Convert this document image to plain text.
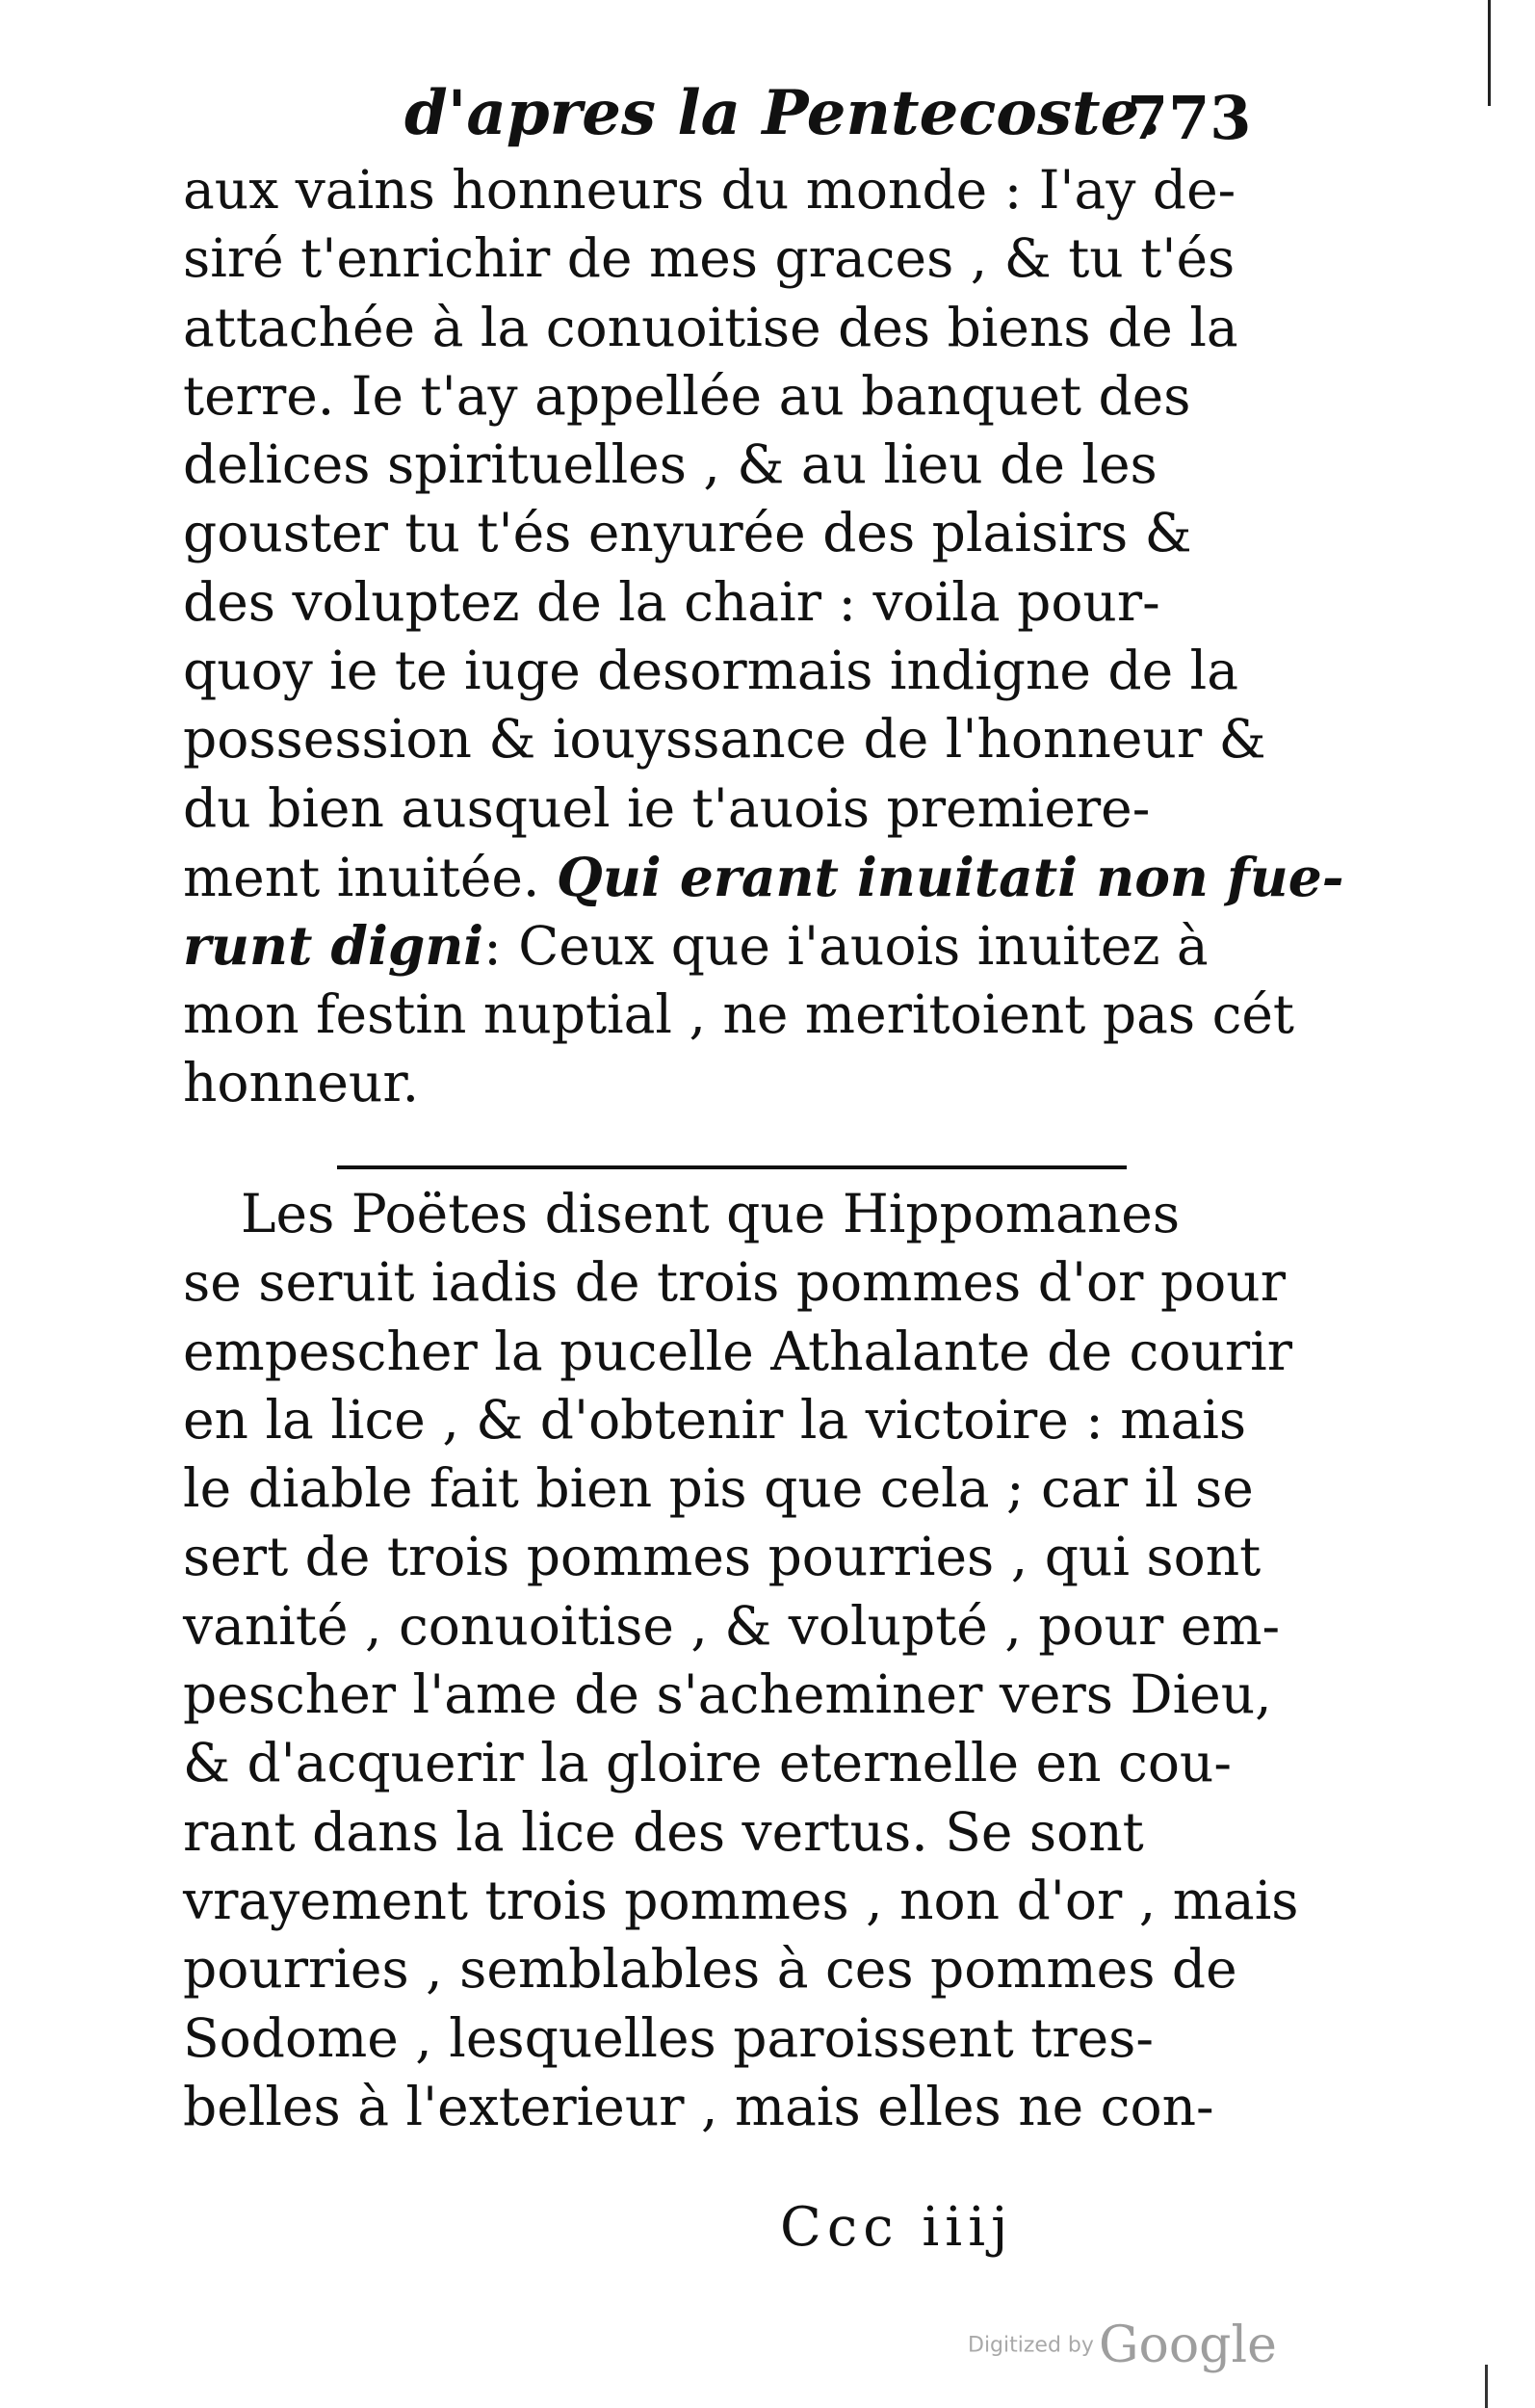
d'apres la Pentecoste.
773
aux vains honneurs du monde : I'ay de-
siré t'enrichir de mes graces , & tu t'és
attachée à la conuoitise des biens de la
terre. Ie t'ay appellée au banquet des
delices spirituelles , & au lieu de les
gouster tu t'és enyurée des plaisirs &
des voluptez de la chair : voila pour-
quoy ie te iuge desormais indigne de la
possession & iouyssance de l'honneur &
du bien ausquel ie t'auois premiere-
ment inuitée. Qui erant inuitati non fue-
runt digni: Ceux que i'auois inuitez à
mon festin nuptial , ne meritoient pas cét
honneur.
Les Poëtes disent que Hippomanes
se seruit iadis de trois pommes d'or pour
empescher la pucelle Athalante de courir
en la lice , & d'obtenir la victoire : mais
le diable fait bien pis que cela ; car il se
sert de trois pommes pourries , qui sont
vanité , conuoitise , & volupté , pour em-
pescher l'ame de s'acheminer vers Dieu,
& d'acquerir la gloire eternelle en cou-
rant dans la lice des vertus. Se sont
vrayement trois pommes , non d'or , mais
pourries , semblables à ces pommes de
Sodome , lesquelles paroissent tres-
belles à l'exterieur , mais elles ne con-
Ccc iiij
Digitized by Google
